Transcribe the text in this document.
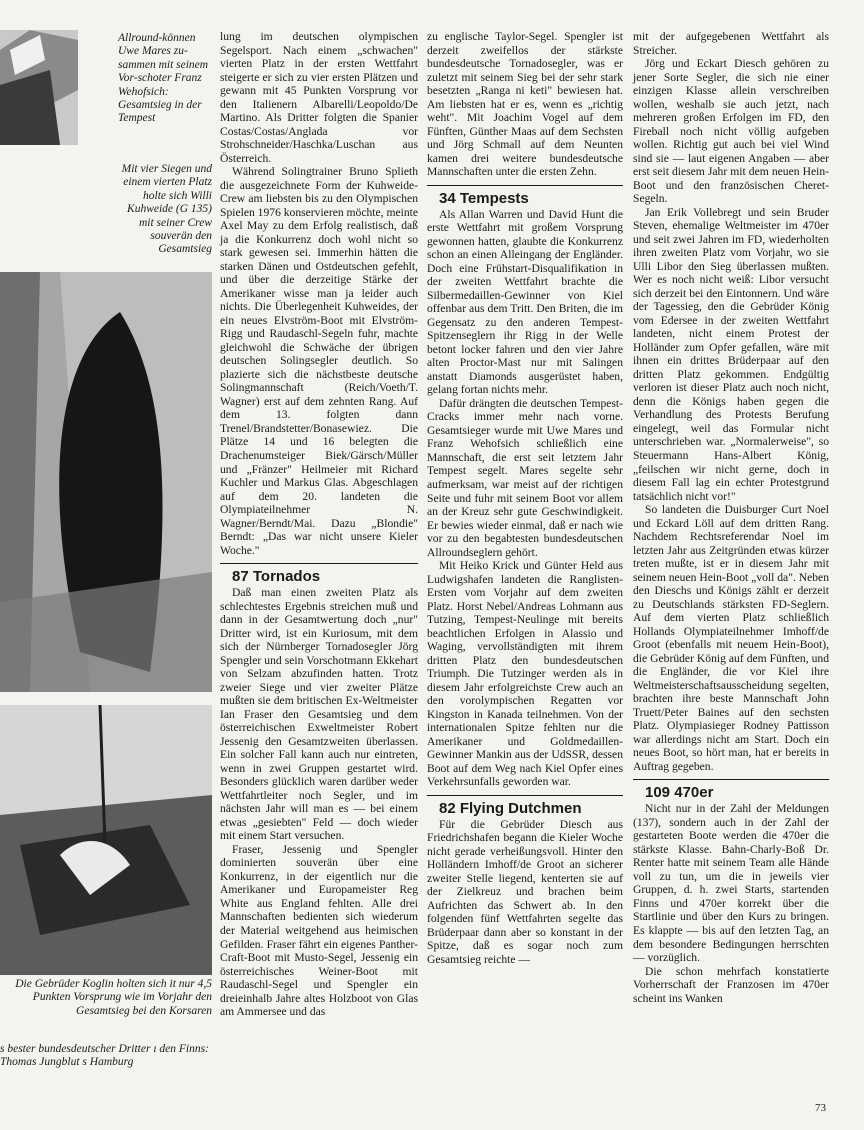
Allround-können Uwe Mares zu-sammen mit seinem Vor-schoter Franz Wehofsich: Gesamtsieg in der Tempest
Mit vier Siegen und einem vierten Platz holte sich Willi Kuhweide (G 135) mit seiner Crew souverän den Gesamtsieg
Die Gebrüder Koglin holten sich it nur 4,5 Punkten Vorsprung wie im Vorjahr den Gesamtsieg bei den Korsaren
s bester bundesdeutscher Dritter ı den Finns: Thomas Jungblut s Hamburg

lung im deutschen olympischen Segelsport. Nach einem „schwachen" vierten Platz in der ersten Wettfahrt steigerte er sich zu vier ersten Plätzen und gewann mit 45 Punkten Vorsprung vor den Italienern Albarelli/Leopoldo/De Martino. Als Dritter folgten die Spanier Costas/Costas/Anglada vor Strohschneider/Haschka/Luschan aus Österreich.

Während Solingtrainer Bruno Splieth die ausgezeichnete Form der Kuhweide-Crew am liebsten bis zu den Olympischen Spielen 1976 konservieren möchte, meinte Axel May zu dem Erfolg realistisch, daß ja die Konkurrenz doch wohl nicht so stark gewesen sei. Immerhin hätten die starken Dänen und Ostdeutschen gefehlt, und über die derzeitige Stärke der Amerikaner wisse man ja leider auch nichts. Die Überlegenheit Kuhweides, der ein neues Elvström-Boot mit Elvström-Rigg und Raudaschl-Segeln fuhr, machte gleichwohl die Schwäche der übrigen deutschen Solingsegler deutlich. So plazierte sich die nächstbeste deutsche Solingmannschaft (Reich/Voeth/T. Wagner) erst auf dem zehnten Rang. Auf dem 13. folgten dann Trenel/Brandstetter/Bonasewiez. Die Plätze 14 und 16 belegten die Drachenumsteiger Biek/Gärsch/Müller und „Fränzer" Heilmeier mit Richard Kuchler und Markus Glas. Abgeschlagen auf dem 20. landeten die Olympiateilnehmer N. Wagner/Berndt/Mai. Dazu „Blondie" Berndt: „Das war nicht unsere Kieler Woche."

87 Tornados

Daß man einen zweiten Platz als schlechtestes Ergebnis streichen muß und dann in der Gesamtwertung doch „nur" Dritter wird, ist ein Kuriosum, mit dem sich der Nürnberger Tornadosegler Jörg Spengler und sein Vorschotmann Ekkehart von Selzam abzufinden hatten. Trotz zweier Siege und vier zweiter Plätze mußten sie dem britischen Ex-Weltmeister Ian Fraser den Gesamtsieg und dem österreichischen Exweltmeister Robert Jessenig den Gesamtzweiten überlassen. Ein solcher Fall kann auch nur eintreten, wenn in zwei Gruppen gestartet wird. Besonders glücklich waren darüber weder Wettfahrtleiter noch Segler, und im nächsten Jahr will man es — bei einem etwas „gesiebten" Feld — doch wieder mit einem Start versuchen.

Fraser, Jessenig und Spengler dominierten souverän über eine Konkurrenz, in der eigentlich nur die Amerikaner und Europameister Reg White aus England fehlten. Alle drei Mannschaften bedienten sich wiederum der Material weitgehend aus heimischen Gefilden. Fraser fährt ein eigenes Panther-Craft-Boot mit Musto-Segel, Jessenig ein österreichisches Weiner-Boot mit Raudaschl-Segel und Spengler ein dreieinhalb Jahre altes Holzboot von Glas am Ammersee und das

zu englische Taylor-Segel. Spengler ist derzeit zweifellos der stärkste bundesdeutsche Tornadosegler, was er zuletzt mit seinem Sieg bei der sehr stark besetzten „Ranga ni keti" bewiesen hat. Am liebsten hat er es, wenn es „richtig weht". Mit Joachim Vogel auf dem Fünften, Günther Maas auf dem Sechsten und Jörg Schmall auf dem Neunten kamen drei weitere bundesdeutsche Mannschaften unter die ersten Zehn.

34 Tempests

Als Allan Warren und David Hunt die erste Wettfahrt mit großem Vorsprung gewonnen hatten, glaubte die Konkurrenz schon an einen Alleingang der Engländer. Doch eine Frühstart-Disqualifikation in der zweiten Wettfahrt brachte die Silbermedaillen-Gewinner von Kiel offenbar aus dem Tritt. Den Briten, die im Gegensatz zu den anderen Tempest-Spitzenseglern ihr Rigg in der Welle betont locker fahren und den vier Jahre alten Proctor-Mast nur mit Salingen anstatt Diamonds ausgerüstet haben, gelang fortan nichts mehr.

Dafür drängten die deutschen Tempest-Cracks immer mehr nach vorne. Gesamtsieger wurde mit Uwe Mares und Franz Wehofsich schließlich eine Mannschaft, die erst seit letztem Jahr Tempest segelt. Mares segelte sehr aufmerksam, war meist auf der richtigen Seite und fuhr mit seinem Boot vor allem an der Kreuz sehr gute Geschwindigkeit. Er bewies wieder einmal, daß er nach wie vor zu den begabtesten bundesdeutschen Allroundseglern gehört.

Mit Heiko Krick und Günter Held aus Ludwigshafen landeten die Ranglisten-Ersten vom Vorjahr auf dem zweiten Platz. Horst Nebel/Andreas Lohmann aus Tutzing, Tempest-Neulinge mit bereits beachtlichen Erfolgen in Alassio und Waging, vervollständigten mit ihrem dritten Platz den bundesdeutschen Triumph. Die Tutzinger werden als in diesem Jahr erfolgreichste Crew auch an den vorolympischen Regatten vor Kingston in Kanada teilnehmen. Von der internationalen Spitze fehlten nur die Amerikaner und Goldmedaillen-Gewinner Mankin aus der UdSSR, dessen Boot auf dem Weg nach Kiel Opfer eines Verkehrsunfalls geworden war.

82 Flying Dutchmen

Für die Gebrüder Diesch aus Friedrichshafen begann die Kieler Woche nicht gerade verheißungsvoll. Hinter den Holländern Imhoff/de Groot an sicherer zweiter Stelle liegend, kenterten sie auf der Zielkreuz und brachen beim Aufrichten das Schwert ab. In den folgenden fünf Wettfahrten segelte das Brüderpaar dann aber so konstant in der Spitze, daß es sogar noch zum Gesamtsieg reichte —

mit der aufgegebenen Wettfahrt als Streicher.

Jörg und Eckart Diesch gehören zu jener Sorte Segler, die sich nie einer einzigen Klasse allein verschreiben wollen, weshalb sie auch jetzt, nach mehreren großen Erfolgen im FD, den Fireball noch nicht völlig aufgeben wollen. Richtig gut auch bei viel Wind sind sie — laut eigenen Angaben — aber erst seit diesem Jahr mit dem neuen Hein-Boot und den französischen Cheret-Segeln.

Jan Erik Vollebregt und sein Bruder Steven, ehemalige Weltmeister im 470er und seit zwei Jahren im FD, wiederholten ihren zweiten Platz vom Vorjahr, wo sie Ulli Libor den Sieg überlassen mußten. Wer es noch nicht weiß: Libor versucht sich derzeit bei den Eintonnern. Und wäre der Tagessieg, den die Gebrüder König vom Edersee in der zweiten Wettfahrt landeten, nicht einem Protest der Holländer zum Opfer gefallen, wäre mit ihnen ein drittes Brüderpaar auf den dritten Platz gekommen. Endgültig verloren ist dieser Platz auch noch nicht, denn die Königs haben gegen die Verhandlung des Protests Berufung eingelegt, weil das Formular nicht unterschrieben war. „Normalerweise", so Steuermann Hans-Albert König, „feilschen wir nicht gerne, doch in diesem Fall lag ein echter Protestgrund tatsächlich nicht vor!"

So landeten die Duisburger Curt Noel und Eckard Löll auf dem dritten Rang. Nachdem Rechtsreferendar Noel im letzten Jahr aus Zeitgründen etwas kürzer treten mußte, ist er in diesem Jahr mit seinem neuen Hein-Boot „voll da". Neben den Dieschs und Königs zählt er derzeit zu Deutschlands stärksten FD-Seglern. Auf dem vierten Platz schließlich Hollands Olympiateilnehmer Imhoff/de Groot (ebenfalls mit neuem Hein-Boot), die Gebrüder König auf dem Fünften, und die Engländer, die vor Kiel ihre Weltmeisterschaftsausscheidung segelten, brachten ihre beste Mannschaft John Truett/Peter Baines auf den sechsten Platz. Olympiasieger Rodney Pattisson war allerdings nicht am Start. Doch ein neues Boot, so hört man, hat er bereits in Auftrag gegeben.

109 470er

Nicht nur in der Zahl der Meldungen (137), sondern auch in der Zahl der gestarteten Boote werden die 470er die stärkste Klasse. Bahn-Charly-Boß Dr. Renter hatte mit seinem Team alle Hände voll zu tun, um die in jeweils vier Gruppen, d. h. zwei Starts, startenden Finns und 470er korrekt über die Startlinie und über den Kurs zu bringen. Es klappte — bis auf den letzten Tag, an dem besondere Bedingungen herrschten — vorzüglich.

Die schon mehrfach konstatierte Vorherrschaft der Franzosen im 470er scheint ins Wanken

73
